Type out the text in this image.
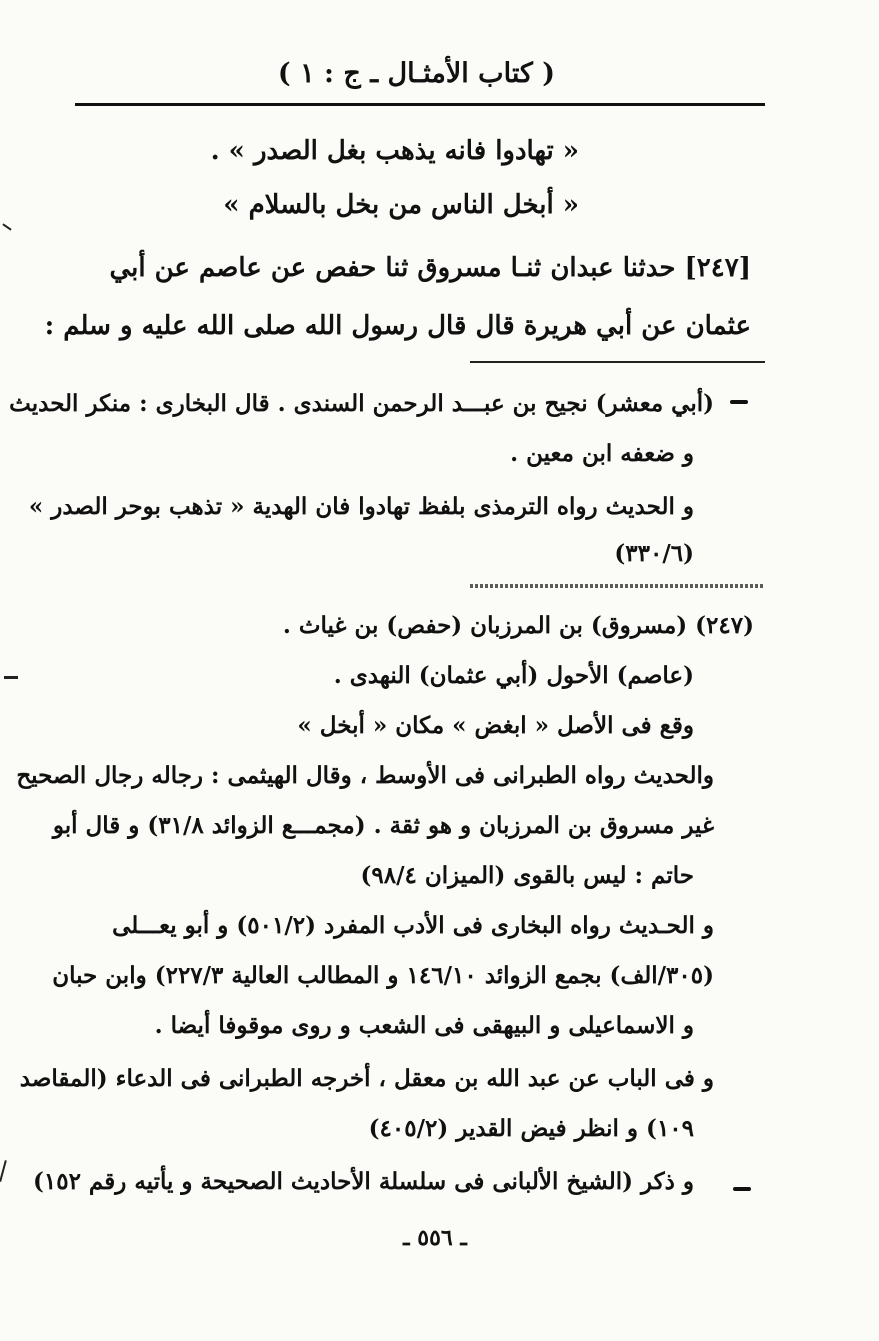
( كتاب الأمثـال ـ ج : ١ )
« تهادوا فانه يذهب بغل الصدر » .
« أبخل الناس من بخل بالسلام »
[٢٤٧] حدثنا عبدان ثنـا مسروق ثنا حفص عن عاصم عن أبي
عثمان عن أبي هريرة قال قال رسول الله صلى الله عليه و سلم :
(أبي معشر) نجيح بن عبـــد الرحمن السندى . قال البخارى : منكر الحديث
و ضعفه ابن معين .
و الحديث رواه الترمذى بلفظ تهادوا فان الهدية « تذهب بوحر الصدر »
(٣٣٠/٦)
(٢٤٧) (مسروق) بن المرزبان (حفص) بن غياث .
(عاصم) الأحول (أبي عثمان) النهدى .
وقع فى الأصل « ابغض » مكان « أبخل »
والحديث رواه الطبرانى فى الأوسط ، وقال الهيثمى : رجاله رجال الصحيح
غير مسروق بن المرزبان و هو ثقة . (مجمـــع الزوائد ٣١/٨) و قال أبو
حاتم : ليس بالقوى (الميزان ٩٨/٤)
و الحـديث رواه البخارى فى الأدب المفرد (٥٠١/٢) و أبو يعـــلى
(٣٠٥/الف) بجمع الزوائد ١٤٦/١٠ و المطالب العالية ٢٢٧/٣) وابن حبان
و الاسماعيلى و البيهقى فى الشعب و روى موقوفا أيضا .
و فى الباب عن عبد الله بن معقل ، أخرجه الطبرانى فى الدعاء (المقاصد
١٠٩) و انظر فيض القدير (٤٠٥/٢)
و ذكر (الشيخ الألبانى فى سلسلة الأحاديث الصحيحة و يأتيه رقم ١٥٢)
ـ ٥٥٦ ـ
